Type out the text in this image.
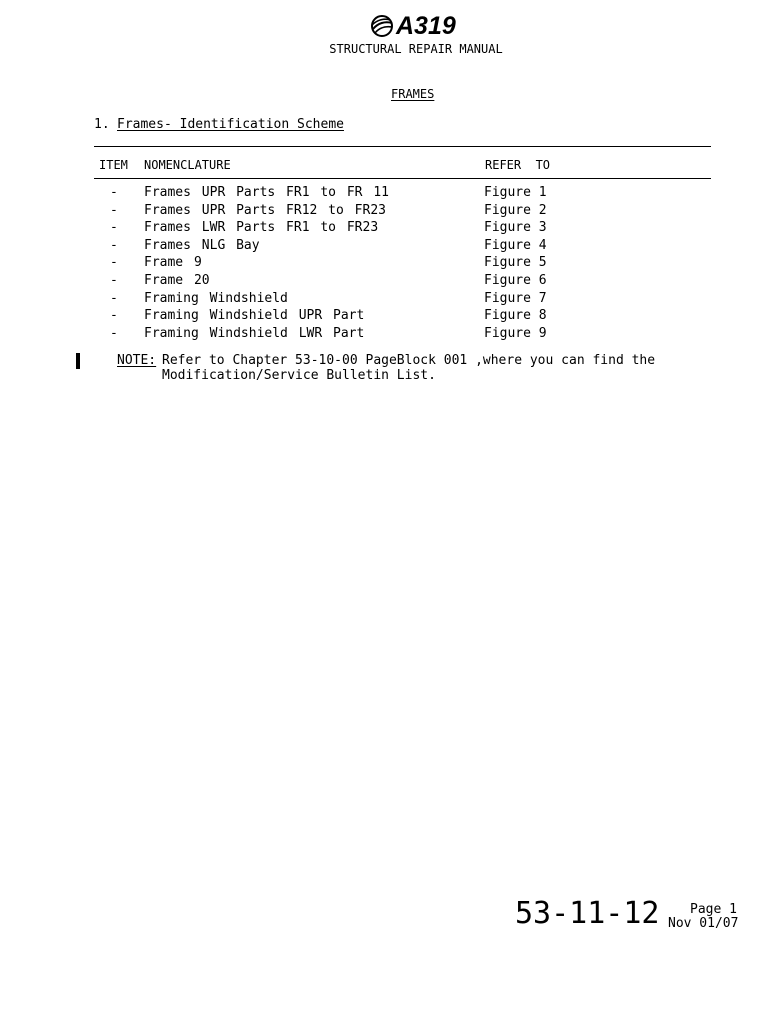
A319
STRUCTURAL REPAIR MANUAL
FRAMES
1. Frames- Identification Scheme
ITEM NOMENCLATURE	REFER  TO
- Frames UPR Parts FR1 to FR 11	Figure 1
- Frames UPR Parts FR12 to FR23	Figure 2
- Frames LWR Parts FR1 to FR23	Figure 3
- Frames NLG Bay	Figure 4
- Frame 9	Figure 5
- Frame 20	Figure 6
- Framing Windshield	Figure 7
- Framing Windshield UPR Part	Figure 8
- Framing Windshield LWR Part	Figure 9
NOTE: Refer to Chapter 53-10-00 PageBlock 001 ,where you can find the
Modification/Service Bulletin List.
53-11-12 Page 1
Nov 01/07
